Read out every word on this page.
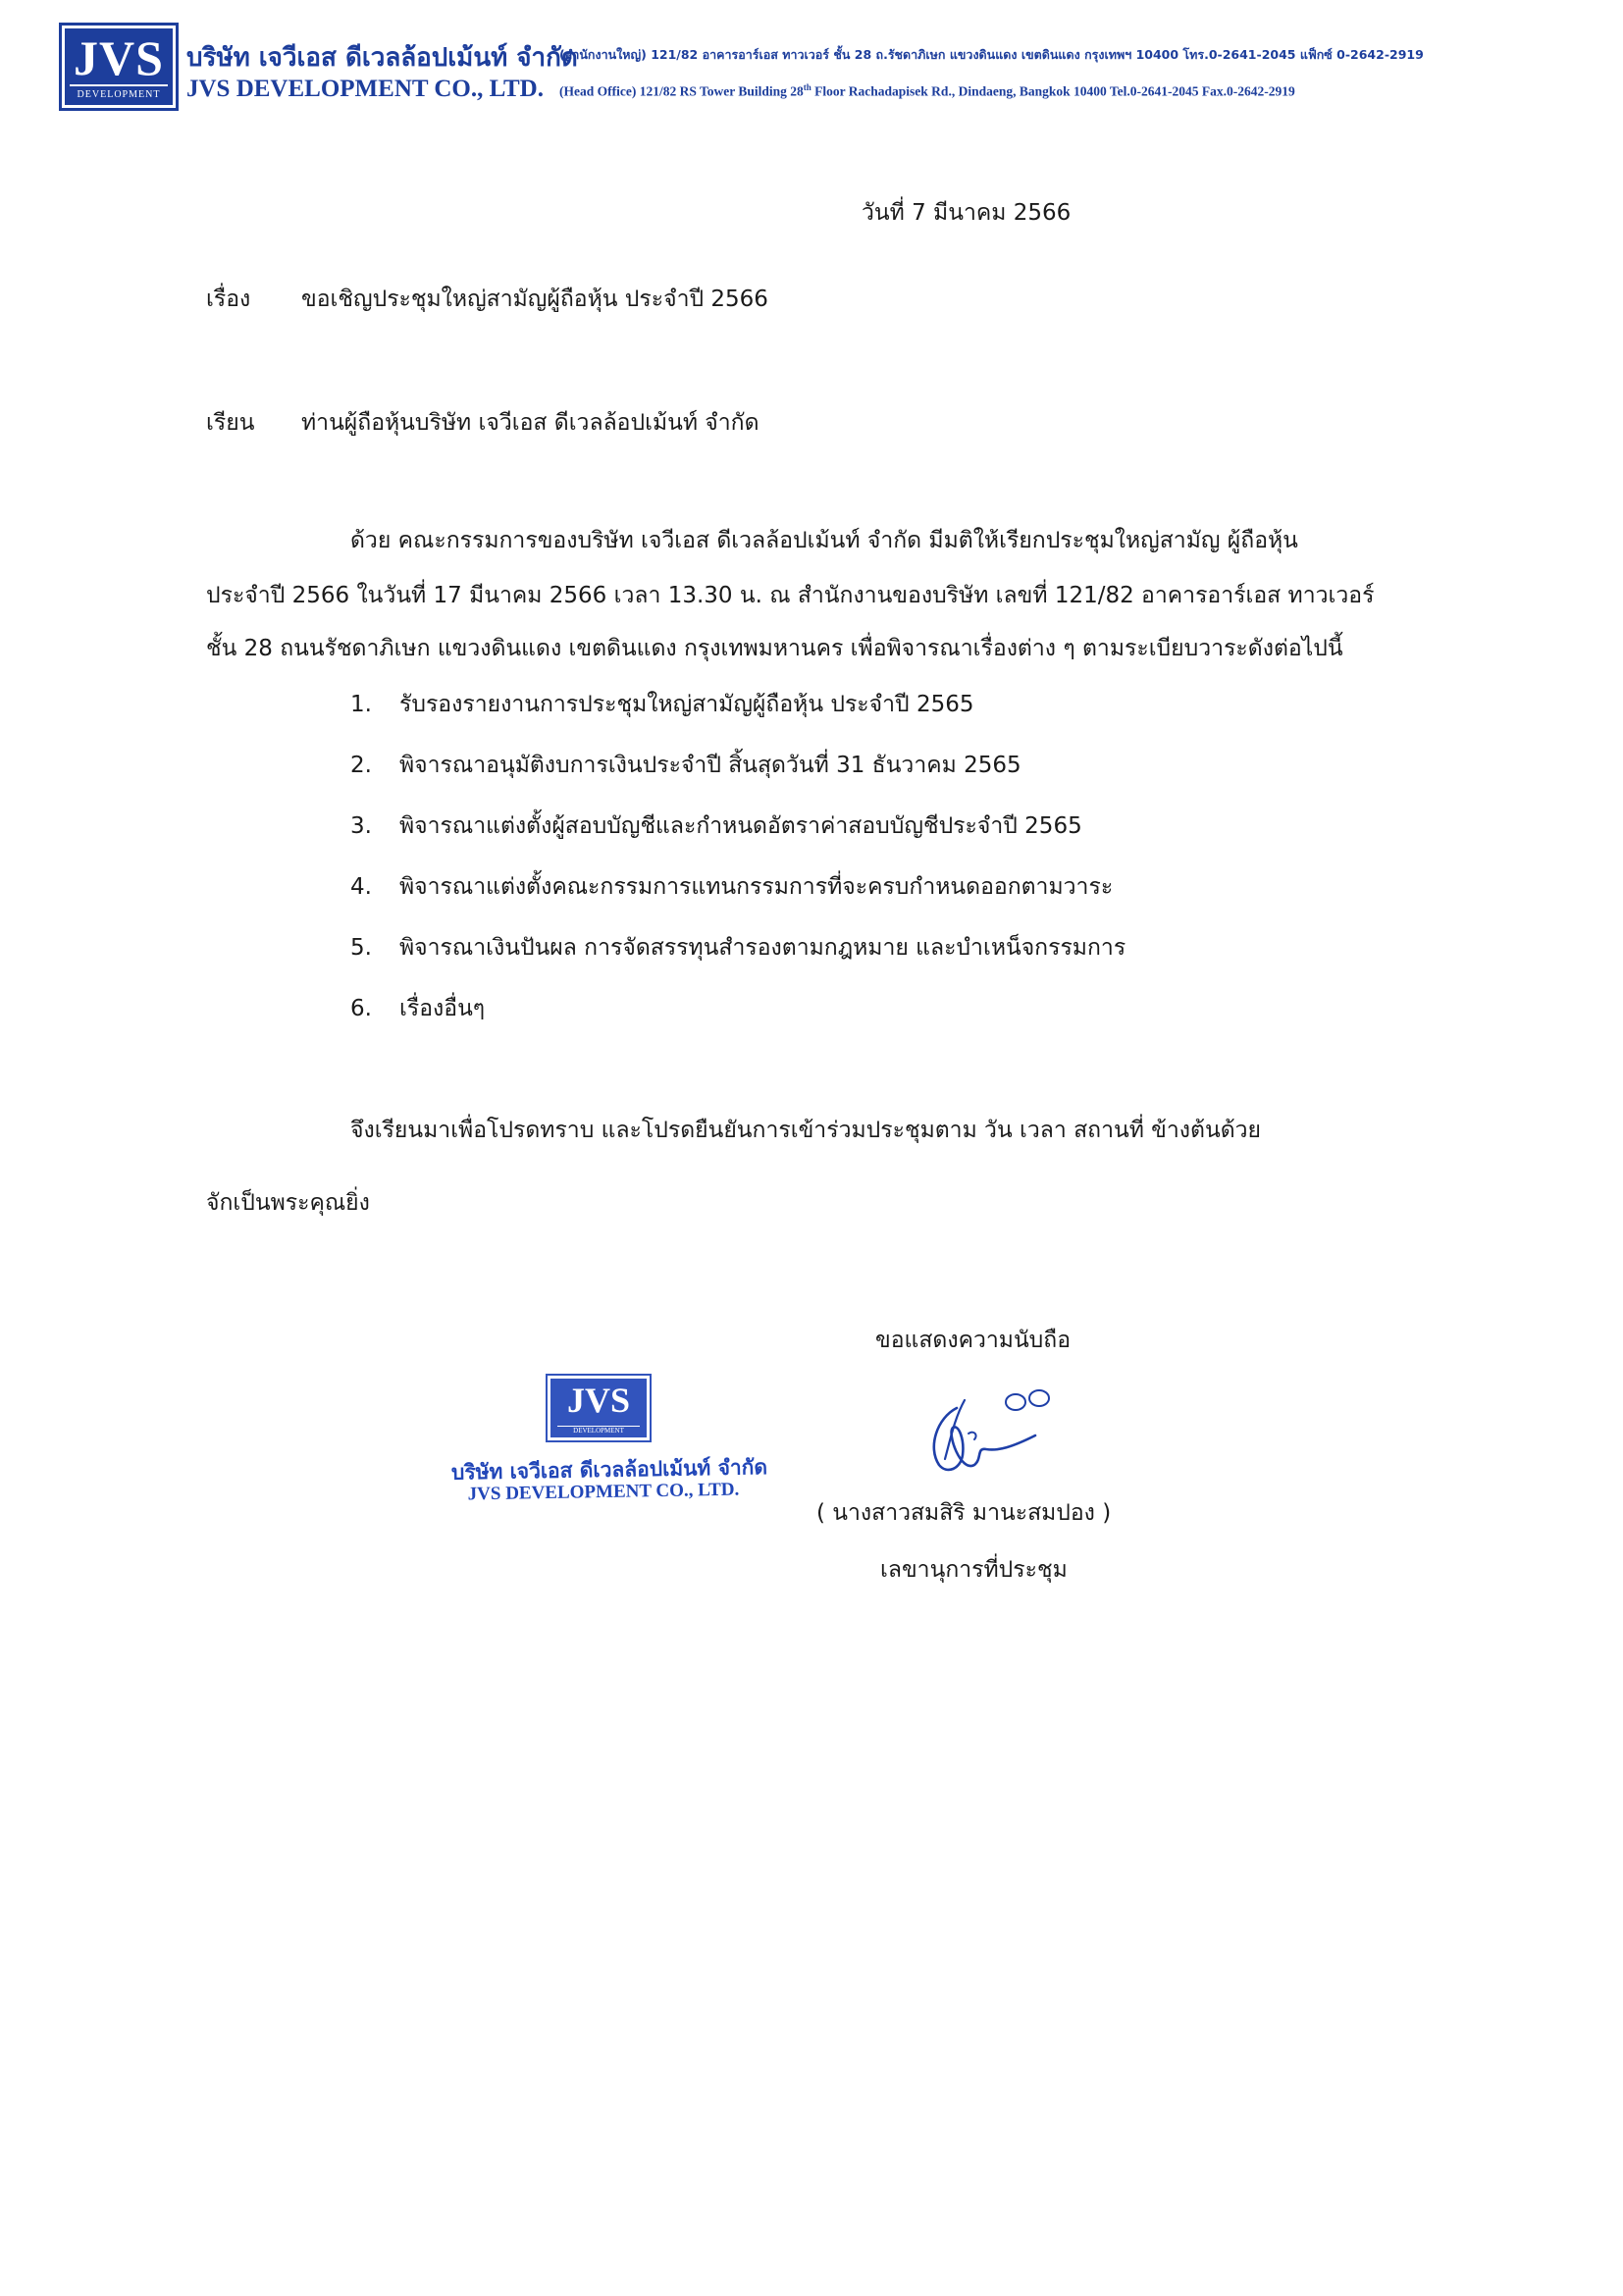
JVS
DEVELOPMENT
บริษัท เจวีเอส ดีเวลล้อปเม้นท์ จำกัด
JVS DEVELOPMENT CO., LTD.
(สำนักงานใหญ่) 121/82 อาคารอาร์เอส ทาวเวอร์ ชั้น 28 ถ.รัชดาภิเษก แขวงดินแดง เขตดินแดง กรุงเทพฯ 10400 โทร.0-2641-2045 แฟ็กซ์ 0-2642-2919
(Head Office) 121/82 RS Tower Building 28th Floor Rachadapisek Rd., Dindaeng, Bangkok 10400 Tel.0-2641-2045 Fax.0-2642-2919
วันที่ 7 มีนาคม 2566
เรื่อง ขอเชิญประชุมใหญ่สามัญผู้ถือหุ้น ประจำปี 2566
เรียน ท่านผู้ถือหุ้นบริษัท เจวีเอส ดีเวลล้อปเม้นท์ จำกัด
ด้วย คณะกรรมการของบริษัท เจวีเอส ดีเวลล้อปเม้นท์ จำกัด มีมติให้เรียกประชุมใหญ่สามัญ ผู้ถือหุ้น
ประจำปี 2566 ในวันที่ 17 มีนาคม 2566 เวลา 13.30 น. ณ สำนักงานของบริษัท เลขที่ 121/82 อาคารอาร์เอส ทาวเวอร์
ชั้น 28 ถนนรัชดาภิเษก แขวงดินแดง เขตดินแดง กรุงเทพมหานคร เพื่อพิจารณาเรื่องต่าง ๆ ตามระเบียบวาระดังต่อไปนี้
1. รับรองรายงานการประชุมใหญ่สามัญผู้ถือหุ้น ประจำปี 2565
2. พิจารณาอนุมัติงบการเงินประจำปี สิ้นสุดวันที่ 31 ธันวาคม 2565
3. พิจารณาแต่งตั้งผู้สอบบัญชีและกำหนดอัตราค่าสอบบัญชีประจำปี 2565
4. พิจารณาแต่งตั้งคณะกรรมการแทนกรรมการที่จะครบกำหนดออกตามวาระ
5. พิจารณาเงินปันผล การจัดสรรทุนสำรองตามกฎหมาย และบำเหน็จกรรมการ
6. เรื่องอื่นๆ
จึงเรียนมาเพื่อโปรดทราบ และโปรดยืนยันการเข้าร่วมประชุมตาม วัน เวลา สถานที่ ข้างต้นด้วย
จักเป็นพระคุณยิ่ง
ขอแสดงความนับถือ
JVS
DEVELOPMENT
บริษัท เจวีเอส ดีเวลล้อปเม้นท์ จำกัด
JVS DEVELOPMENT CO., LTD.
( นางสาวสมสิริ มานะสมปอง )
เลขานุการที่ประชุม
